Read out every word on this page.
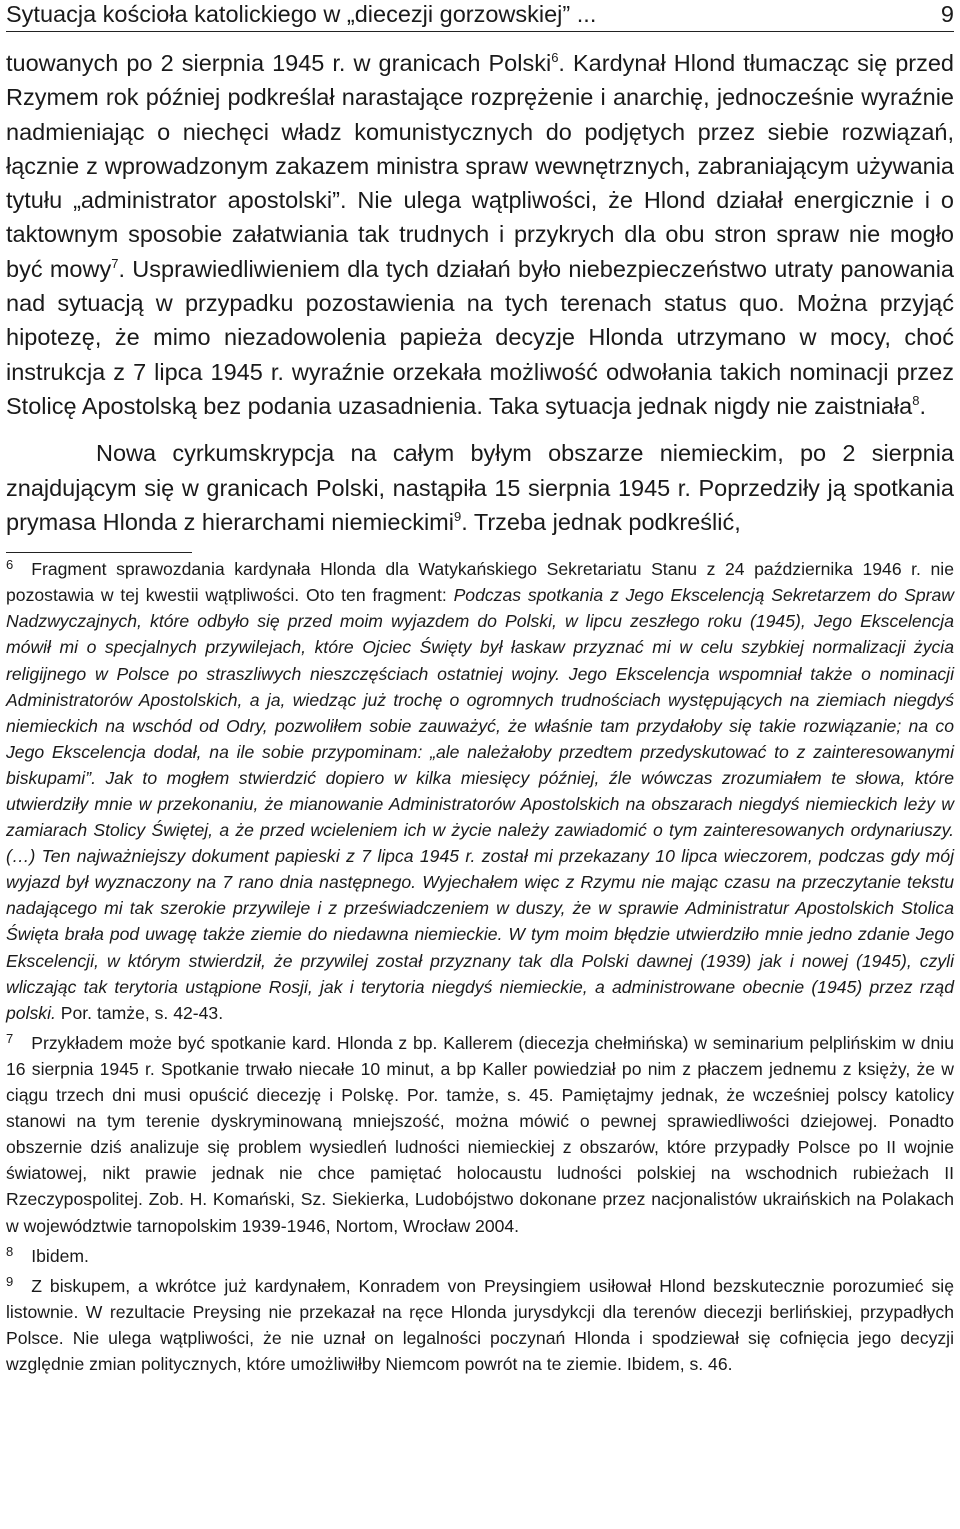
Sytuacja kościoła katolickiego w „diecezji gorzowskiej” ...	9

tuowanych po 2 sierpnia 1945 r. w granicach Polski$^6$. Kardynał Hlond tłumacząc się przed Rzymem rok później podkreślał narastające rozprężenie i anarchię, jednocześnie wyraźnie nadmieniając o niechęci władz komunistycznych do podjętych przez siebie rozwiązań, łącznie z wprowadzonym zakazem ministra spraw wewnętrznych, zabraniającym używania tytułu „administrator apostolski”. Nie ulega wątpliwości, że Hlond działał energicznie i o taktownym sposobie załatwiania tak trudnych i przykrych dla obu stron spraw nie mogło być mowy$^7$. Usprawiedliwieniem dla tych działań było niebezpieczeństwo utraty panowania nad sytuacją w przypadku pozostawienia na tych terenach status quo. Można przyjąć hipotezę, że mimo niezadowolenia papieża decyzje Hlonda utrzymano w mocy, choć instrukcja z 7 lipca 1945 r. wyraźnie orzekała możliwość odwołania takich nominacji przez Stolicę Apostolską bez podania uzasadnienia. Taka sytuacja jednak nigdy nie zaistniała$^8$.

Nowa cyrkumskrypcja na całym byłym obszarze niemieckim, po 2 sierpnia znajdującym się w granicach Polski, nastąpiła 15 sierpnia 1945 r. Poprzedziły ją spotkania prymasa Hlonda z hierarchami niemieckimi$^9$. Trzeba jednak podkreślić,

6 Fragment sprawozdania kardynała Hlonda dla Watykańskiego Sekretariatu Stanu z 24 października 1946 r. nie pozostawia w tej kwestii wątpliwości. Oto ten fragment: Podczas spotkania z Jego Ekscelencją Sekretarzem do Spraw Nadzwyczajnych, które odbyło się przed moim wyjazdem do Polski, w lipcu zeszłego roku (1945), Jego Ekscelencja mówił mi o specjalnych przywilejach, które Ojciec Święty był łaskaw przyznać mi w celu szybkiej normalizacji życia religijnego w Polsce po straszliwych nieszczęściach ostatniej wojny. Jego Ekscelencja wspomniał także o nominacji Administratorów Apostolskich, a ja, wiedząc już trochę o ogromnych trudnościach występujących na ziemiach niegdyś niemieckich na wschód od Odry, pozwoliłem sobie zauważyć, że właśnie tam przydałoby się takie rozwiązanie; na co Jego Ekscelencja dodał, na ile sobie przypominam: „ale należałoby przedtem przedyskutować to z zainteresowanymi biskupami”. Jak to mogłem stwierdzić dopiero w kilka miesięcy później, źle wówczas zrozumiałem te słowa, które utwierdziły mnie w przekonaniu, że mianowanie Administratorów Apostolskich na obszarach niegdyś niemieckich leży w zamiarach Stolicy Świętej, a że przed wcieleniem ich w życie należy zawiadomić o tym zainteresowanych ordynariuszy.(…) Ten najważniejszy dokument papieski z 7 lipca 1945 r. został mi przekazany 10 lipca wieczorem, podczas gdy mój wyjazd był wyznaczony na 7 rano dnia następnego. Wyjechałem więc z Rzymu nie mając czasu na przeczytanie tekstu nadającego mi tak szerokie przywileje i z przeświadczeniem w duszy, że w sprawie Administratur Apostolskich Stolica Święta brała pod uwagę także ziemie do niedawna niemieckie. W tym moim błędzie utwierdziło mnie jedno zdanie Jego Ekscelencji, w którym stwierdził, że przywilej został przyznany tak dla Polski dawnej (1939) jak i nowej (1945), czyli wliczając tak terytoria ustąpione Rosji, jak i terytoria niegdyś niemieckie, a administrowane obecnie (1945) przez rząd polski. Por. tamże, s. 42-43.

7 Przykładem może być spotkanie kard. Hlonda z bp. Kallerem (diecezja chełmińska) w seminarium pelplińskim w dniu 16 sierpnia 1945 r. Spotkanie trwało niecałe 10 minut, a bp Kaller powiedział po nim z płaczem jednemu z księży, że w ciągu trzech dni musi opuścić diecezję i Polskę. Por. tamże, s. 45. Pamiętajmy jednak, że wcześniej polscy katolicy stanowi na tym terenie dyskryminowaną mniejszość, można mówić o pewnej sprawiedliwości dziejowej. Ponadto obszernie dziś analizuje się problem wysiedleń ludności niemieckiej z obszarów, które przypadły Polsce po II wojnie światowej, nikt prawie jednak nie chce pamiętać holocaustu ludności polskiej na wschodnich rubieżach II Rzeczypospolitej. Zob. H. Komański, Sz. Siekierka, Ludobójstwo dokonane przez nacjonalistów ukraińskich na Polakach w województwie tarnopolskim 1939-1946, Nortom, Wrocław 2004.

8 Ibidem.

9 Z biskupem, a wkrótce już kardynałem, Konradem von Preysingiem usiłował Hlond bezskutecznie porozumieć się listownie. W rezultacie Preysing nie przekazał na ręce Hlonda jurysdykcji dla terenów diecezji berlińskiej, przypadłych Polsce. Nie ulega wątpliwości, że nie uznał on legalności poczynań Hlonda i spodziewał się cofnięcia jego decyzji względnie zmian politycznych, które umożliwiłby Niemcom powrót na te ziemie. Ibidem, s. 46.
